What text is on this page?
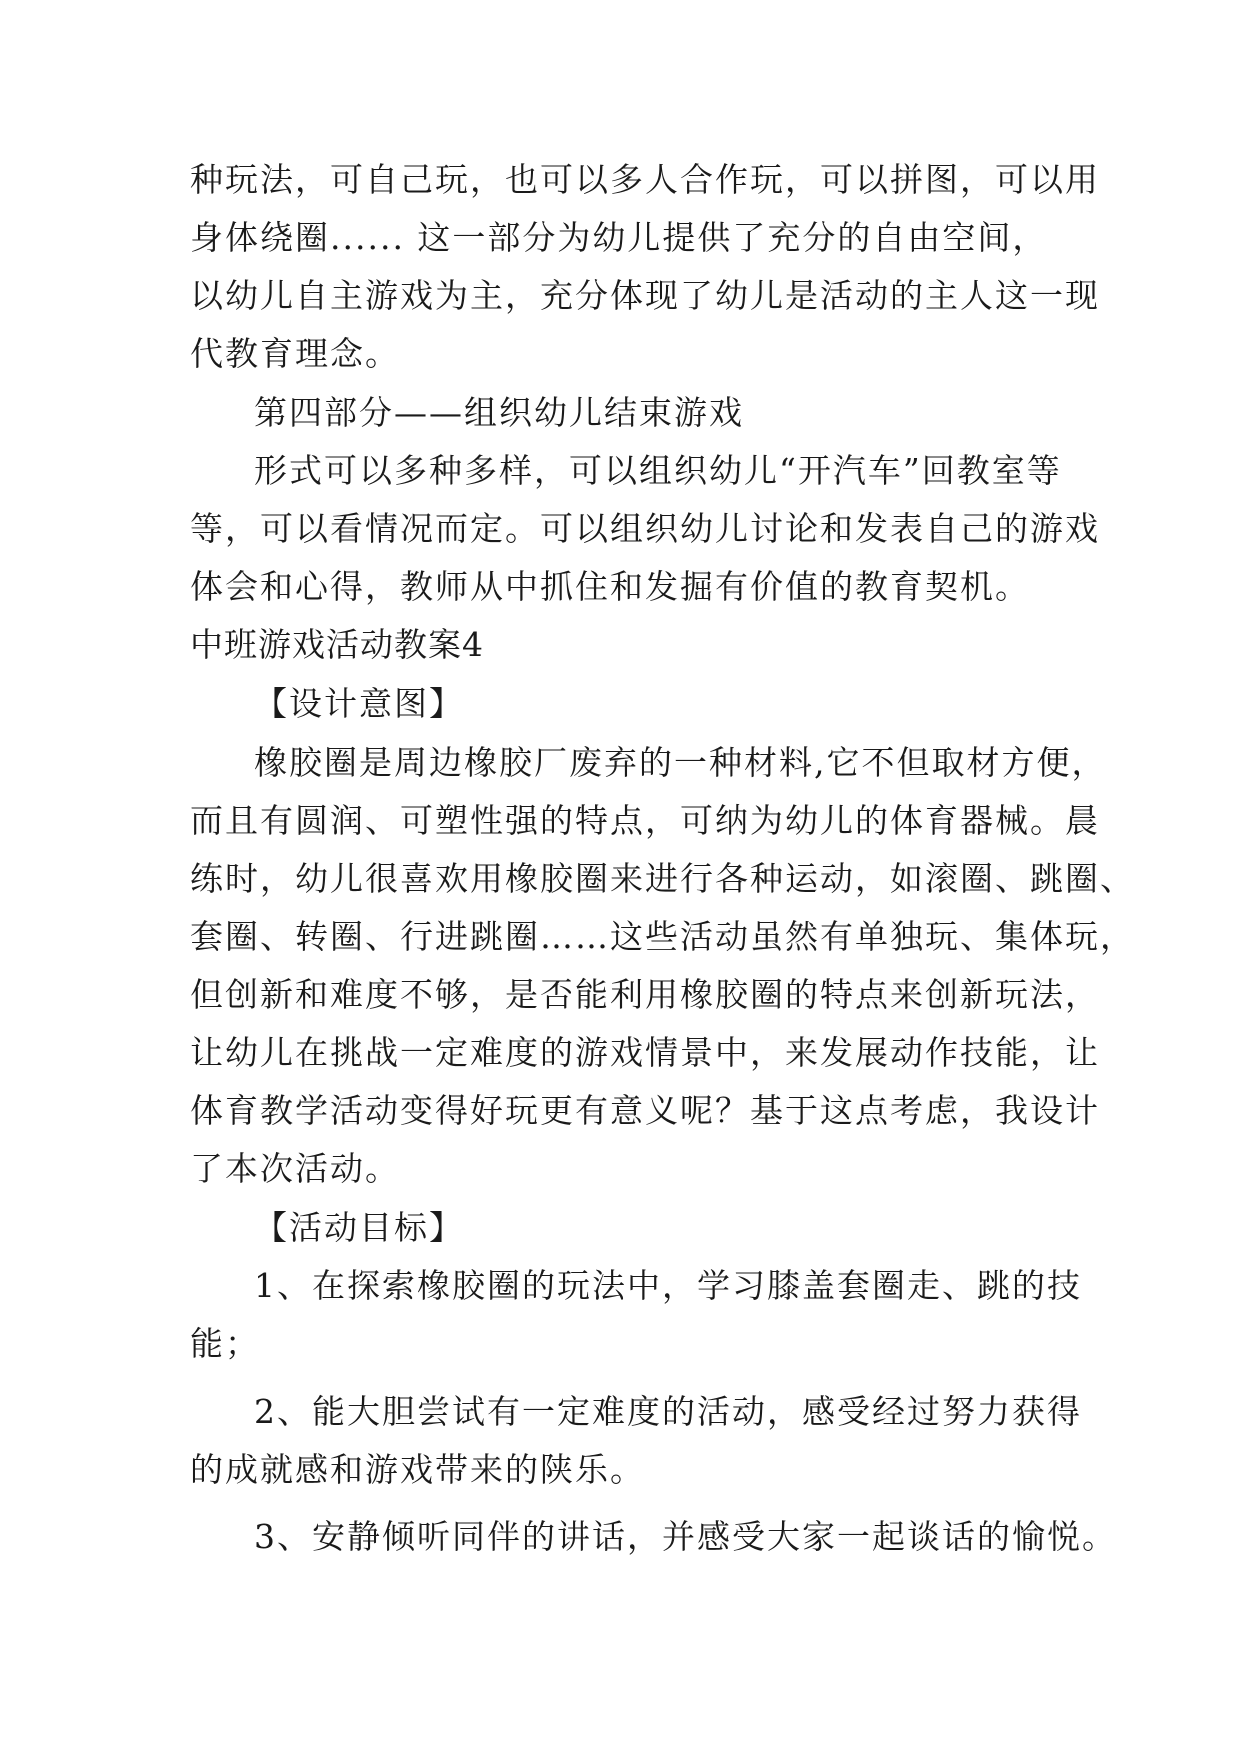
种玩法，可自己玩，也可以多人合作玩，可以拼图，可以用
身体绕圈...... 这一部分为幼儿提供了充分的自由空间，
以幼儿自主游戏为主，充分体现了幼儿是活动的主人这一现
代教育理念。
第四部分——组织幼儿结束游戏
形式可以多种多样，可以组织幼儿“开汽车”回教室等
等，可以看情况而定。可以组织幼儿讨论和发表自己的游戏
体会和心得，教师从中抓住和发掘有价值的教育契机。
中班游戏活动教案4
【设计意图】
橡胶圈是周边橡胶厂废弃的一种材料,它不但取材方便，
而且有圆润、可塑性强的特点，可纳为幼儿的体育器械。晨
练时，幼儿很喜欢用橡胶圈来进行各种运动，如滚圈、跳圈、
套圈、转圈、行进跳圈……这些活动虽然有单独玩、集体玩，
但创新和难度不够，是否能利用橡胶圈的特点来创新玩法，
让幼儿在挑战一定难度的游戏情景中，来发展动作技能，让
体育教学活动变得好玩更有意义呢？基于这点考虑，我设计
了本次活动。
【活动目标】
1、在探索橡胶圈的玩法中，学习膝盖套圈走、跳的技
能；
2、能大胆尝试有一定难度的活动，感受经过努力获得
的成就感和游戏带来的陕乐。
3、安静倾听同伴的讲话，并感受大家一起谈话的愉悦。
